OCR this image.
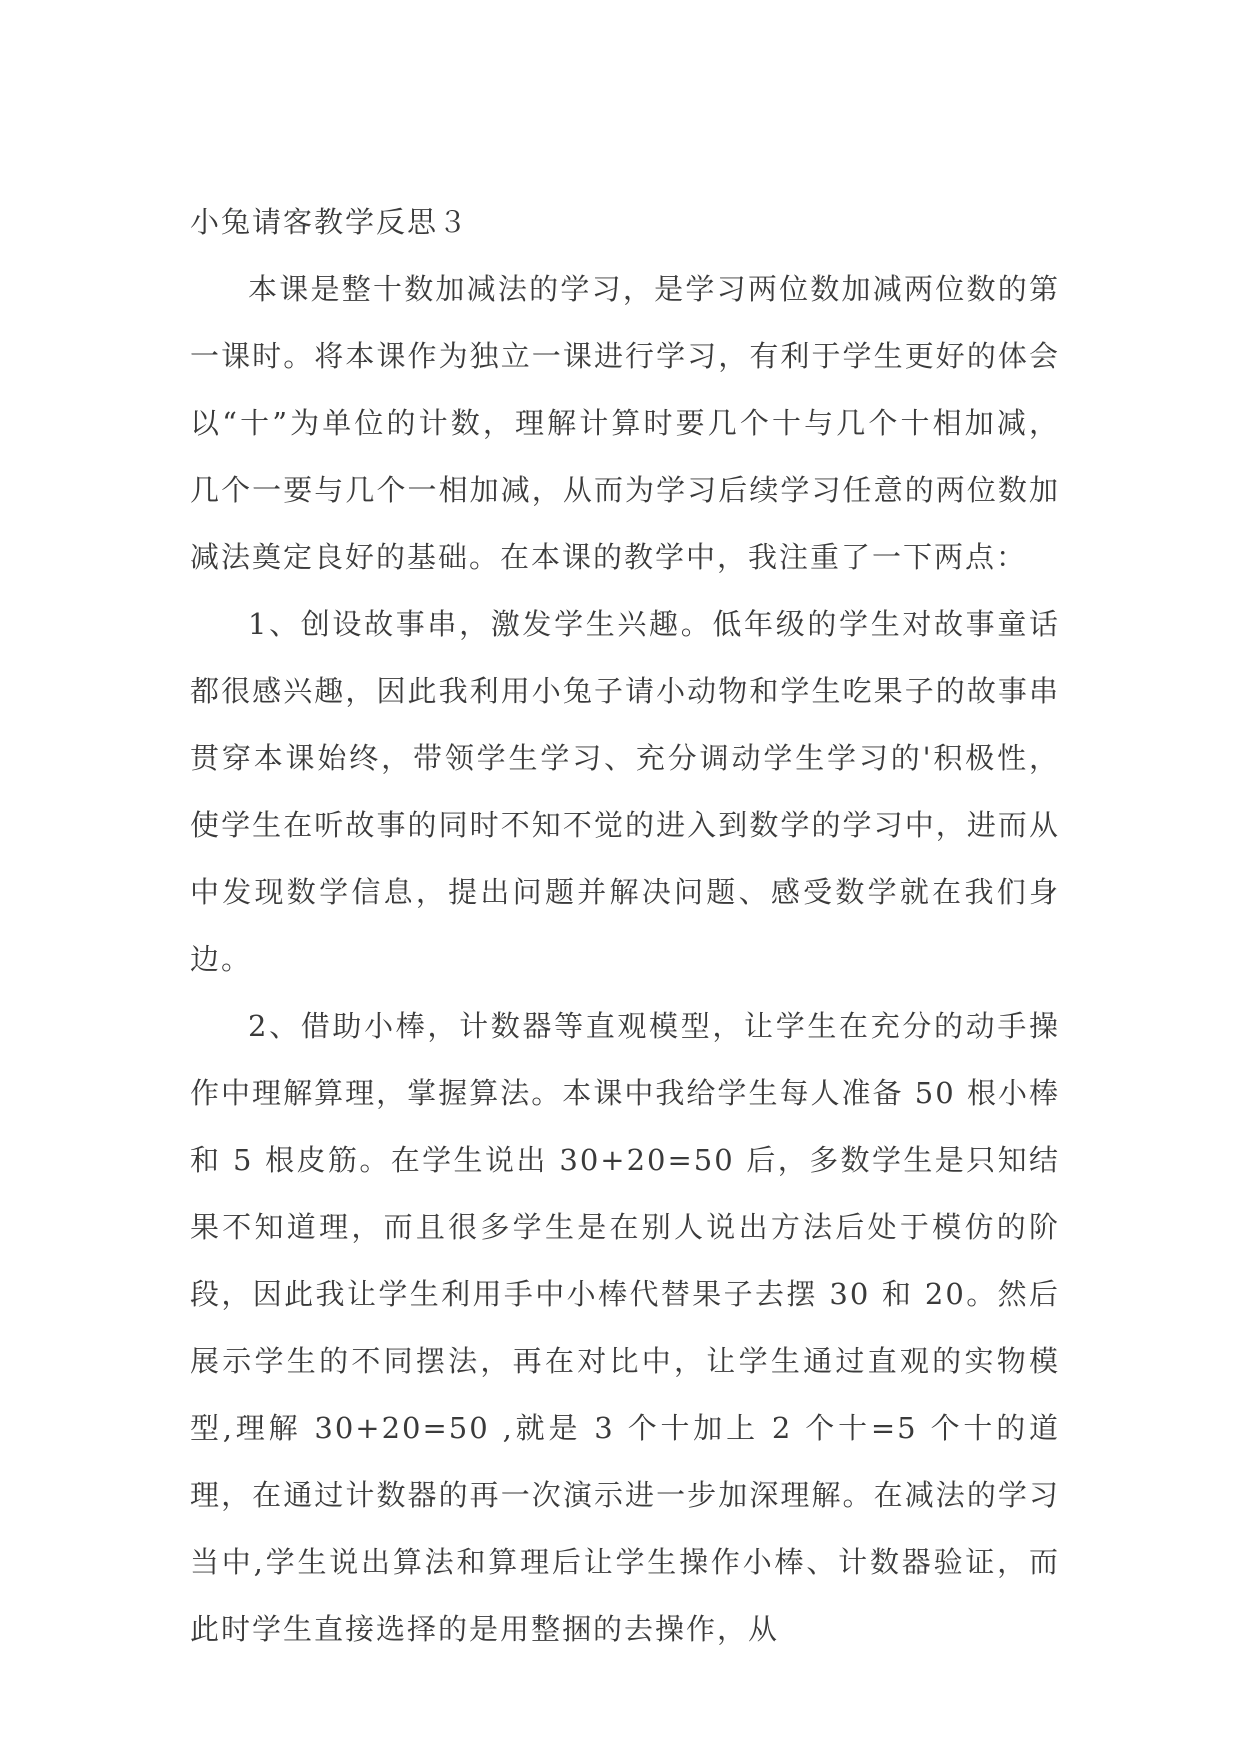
小兔请客教学反思３

本课是整十数加减法的学习，是学习两位数加减两位数的第一课时。将本课作为独立一课进行学习，有利于学生更好的体会以“十”为单位的计数，理解计算时要几个十与几个十相加减，几个一要与几个一相加减，从而为学习后续学习任意的两位数加减法奠定良好的基础。在本课的教学中，我注重了一下两点：

1、创设故事串，激发学生兴趣。低年级的学生对故事童话都很感兴趣，因此我利用小兔子请小动物和学生吃果子的故事串贯穿本课始终，带领学生学习、充分调动学生学习的'积极性，使学生在听故事的同时不知不觉的进入到数学的学习中，进而从中发现数学信息，提出问题并解决问题、感受数学就在我们身边。

2、借助小棒，计数器等直观模型，让学生在充分的动手操作中理解算理，掌握算法。本课中我给学生每人准备 50 根小棒和 5 根皮筋。在学生说出 30+20=50 后，多数学生是只知结果不知道理，而且很多学生是在别人说出方法后处于模仿的阶段，因此我让学生利用手中小棒代替果子去摆 30 和 20。然后展示学生的不同摆法，再在对比中，让学生通过直观的实物模型,理解 30+20=50 ,就是 3 个十加上 2 个十=5 个十的道理，在通过计数器的再一次演示进一步加深理解。在减法的学习当中,学生说出算法和算理后让学生操作小棒、计数器验证，而此时学生直接选择的是用整捆的去操作，从
